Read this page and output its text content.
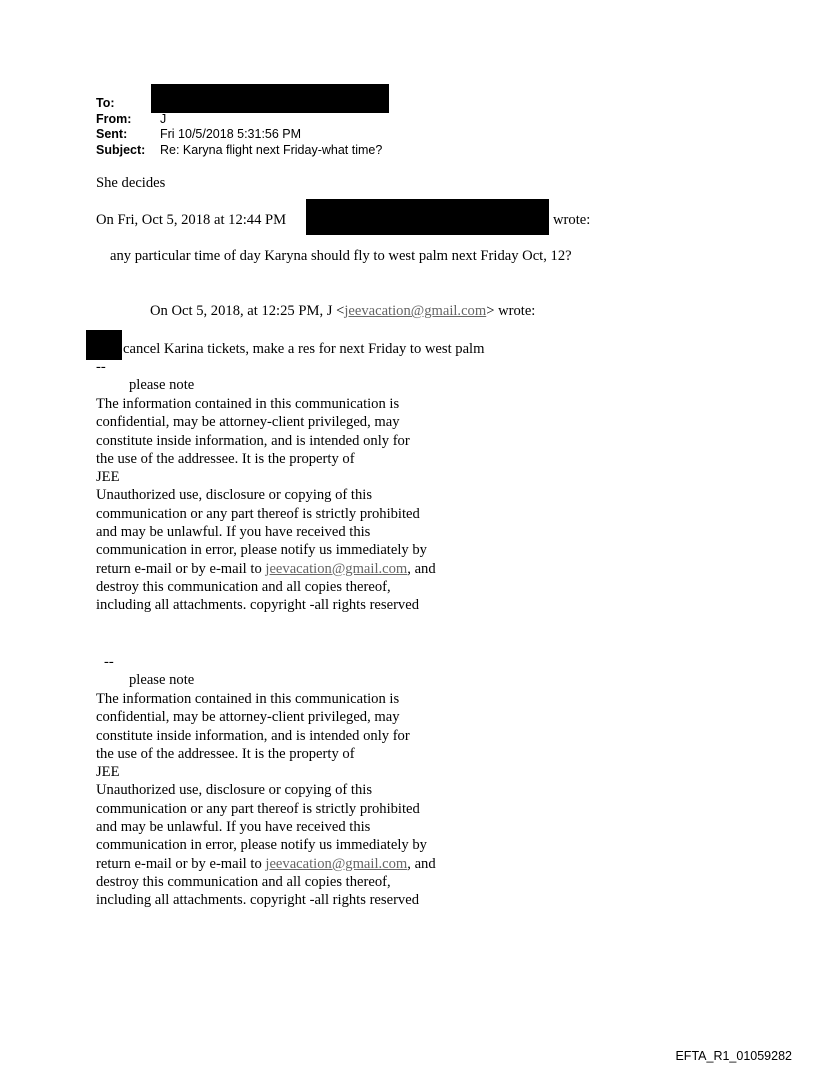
To:
From: J
Sent:	Fri 10/5/2018 5:31:56 PM
Subject: Re: Karyna flight next Friday-what time?
She decides
On Fri, Oct 5, 2018 at 12:44 PM	wrote:
any particular time of day Karyna should fly to west palm next Friday Oct, 12?
On Oct 5, 2018, at 12:25 PM, J <jeevacation@gmail.com> wrote:
cancel Karina tickets, make a res for next Friday to west palm
--
please note
The information contained in this communication is
confidential, may be attorney-client privileged, may
constitute inside information, and is intended only for
the use of the addressee. It is the property of
JEE
Unauthorized use, disclosure or copying of this
communication or any part thereof is strictly prohibited
and may be unlawful. If you have received this
communication in error, please notify us immediately by
return e-mail or by e-mail to jeevacation@gmail.com, and
destroy this communication and all copies thereof,
including all attachments. copyright -all rights reserved
--
please note
The information contained in this communication is
confidential, may be attorney-client privileged, may
constitute inside information, and is intended only for
the use of the addressee. It is the property of
JEE
Unauthorized use, disclosure or copying of this
communication or any part thereof is strictly prohibited
and may be unlawful. If you have received this
communication in error, please notify us immediately by
return e-mail or by e-mail to jeevacation@gmail.com, and
destroy this communication and all copies thereof,
including all attachments. copyright -all rights reserved
EFTA_R1_01059282
